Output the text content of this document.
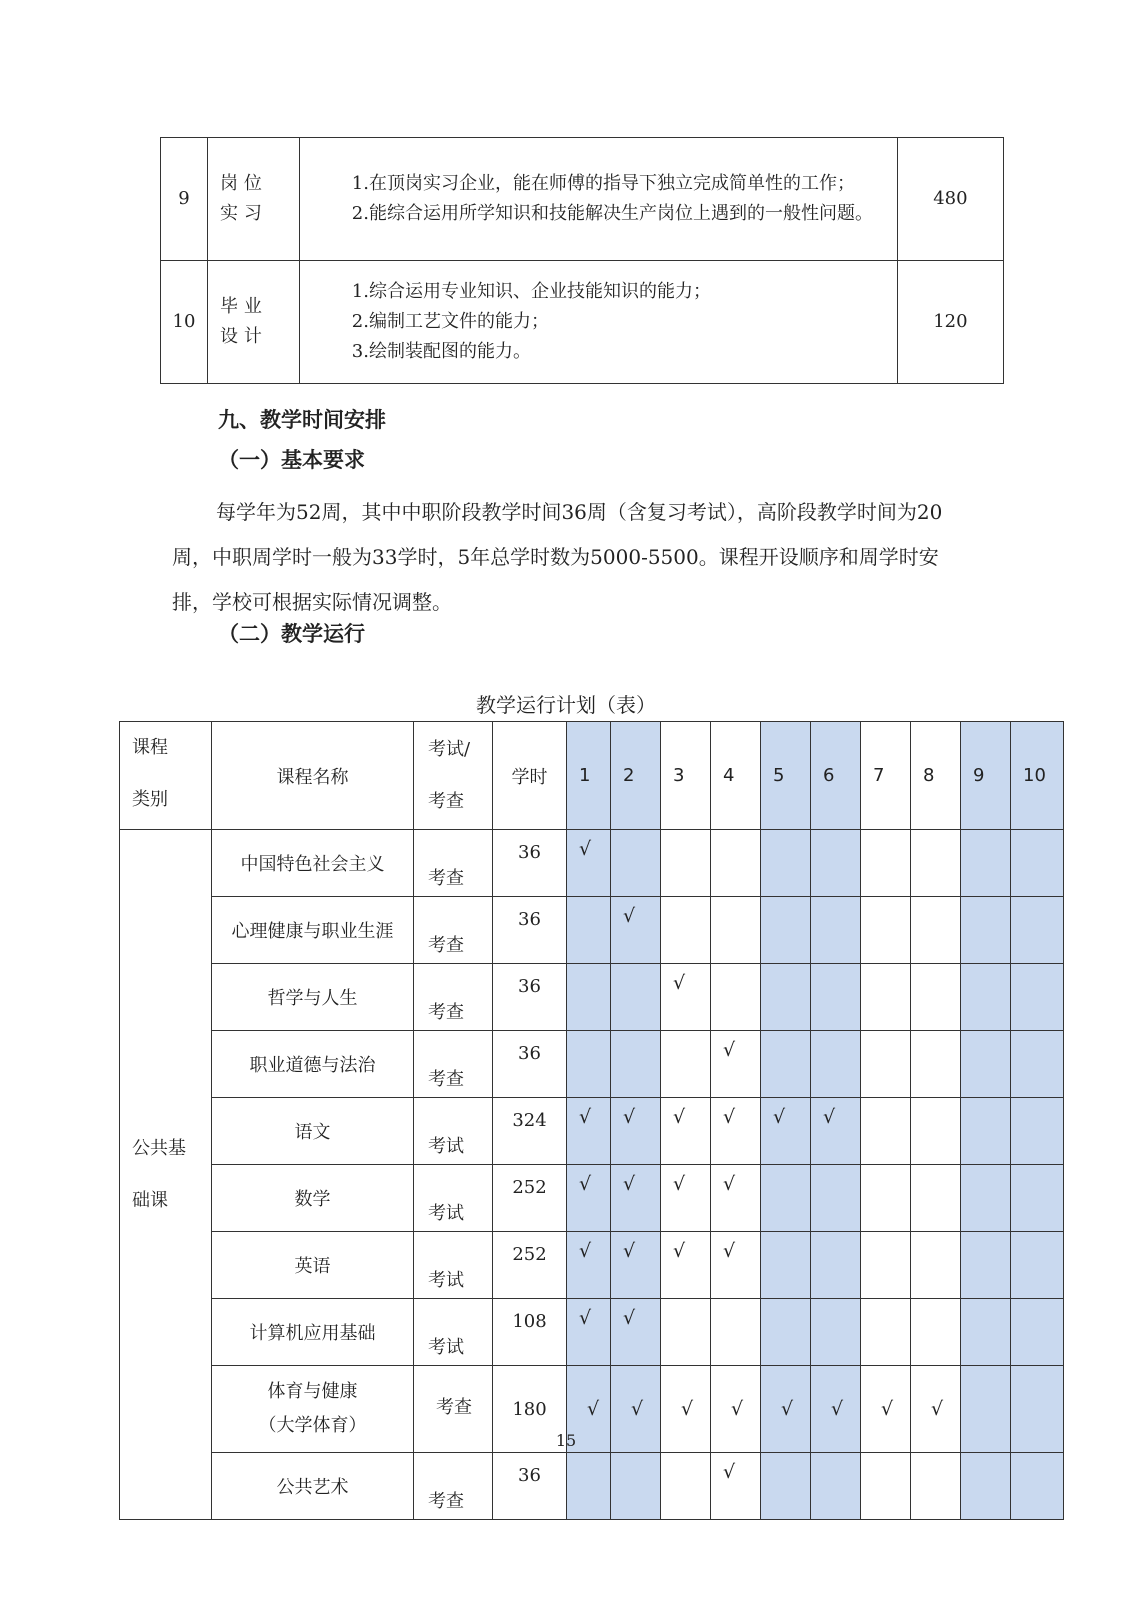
9	岗位实习	1.在顶岗实习企业，能在师傅的指导下独立完成简单性的工作；

2.能综合运用所学知识和技能解决生产岗位上遇到的一般性问题。	480
10	毕业设计	1.综合运用专业知识、企业技能知识的能力；

2.编制工艺文件的能力；

3.绘制装配图的能力。	120
九、教学时间安排
（一）基本要求

每学年为52周，其中中职阶段教学时间36周（含复习考试），高阶段教学时间为20周，中职周学时一般为33学时，5年总学时数为5000-5500。课程开设顺序和周学时安排，学校可根据实际情况调整。

（二）教学运行
教学运行计划（表）
课程
类别	课程名称	考试/
考查	学时	1	2	3	4	5	6	7	8	9	10
公共基
础课	中国特色社会主义	考查	36	√									
	心理健康与职业生涯	考查	36		√								
	哲学与人生	考查	36			√							
	职业道德与法治	考查	36				√						
	语文	考试	324	√	√	√	√	√	√				
	数学	考试	252	√	√	√	√						
	英语	考试	252	√	√	√	√						
	计算机应用基础	考试	108	√	√								
	体育与健康
（大学体育）	考查	180	√	√	√	√	√	√	√	√		
	公共艺术	考查	36				√						
15
